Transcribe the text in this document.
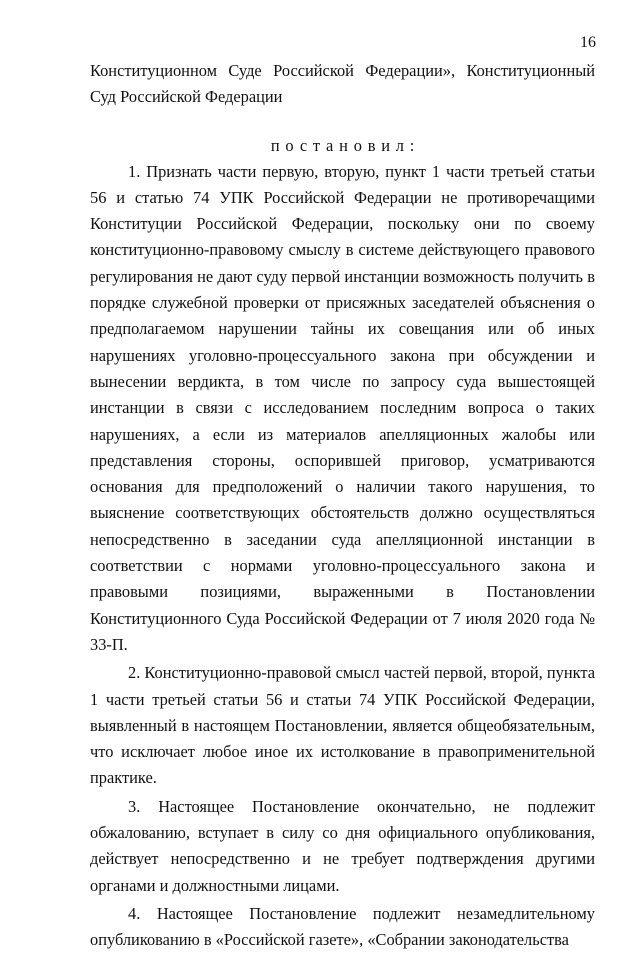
16

Конституционном Суде Российской Федерации», Конституционный Суд Российской Федерации

постановил:

1. Признать части первую, вторую, пункт 1 части третьей статьи 56 и статью 74 УПК Российской Федерации не противоречащими Конституции Российской Федерации, поскольку они по своему конституционно-правовому смыслу в системе действующего правового регулирования не дают суду первой инстанции возможность получить в порядке служебной проверки от присяжных заседателей объяснения о предполагаемом нарушении тайны их совещания или об иных нарушениях уголовно-процессуального закона при обсуждении и вынесении вердикта, в том числе по запросу суда вышестоящей инстанции в связи с исследованием последним вопроса о таких нарушениях, а если из материалов апелляционных жалобы или представления стороны, оспорившей приговор, усматриваются основания для предположений о наличии такого нарушения, то выяснение соответствующих обстоятельств должно осуществляться непосредственно в заседании суда апелляционной инстанции в соответствии с нормами уголовно-процессуального закона и правовыми позициями, выраженными в Постановлении Конституционного Суда Российской Федерации от 7 июля 2020 года № 33-П.

2. Конституционно-правовой смысл частей первой, второй, пункта 1 части третьей статьи 56 и статьи 74 УПК Российской Федерации, выявленный в настоящем Постановлении, является общеобязательным, что исключает любое иное их истолкование в правоприменительной практике.

3. Настоящее Постановление окончательно, не подлежит обжалованию, вступает в силу со дня официального опубликования, действует непосредственно и не требует подтверждения другими органами и должностными лицами.

4. Настоящее Постановление подлежит незамедлительному опубликованию в «Российской газете», «Собрании законодательства
